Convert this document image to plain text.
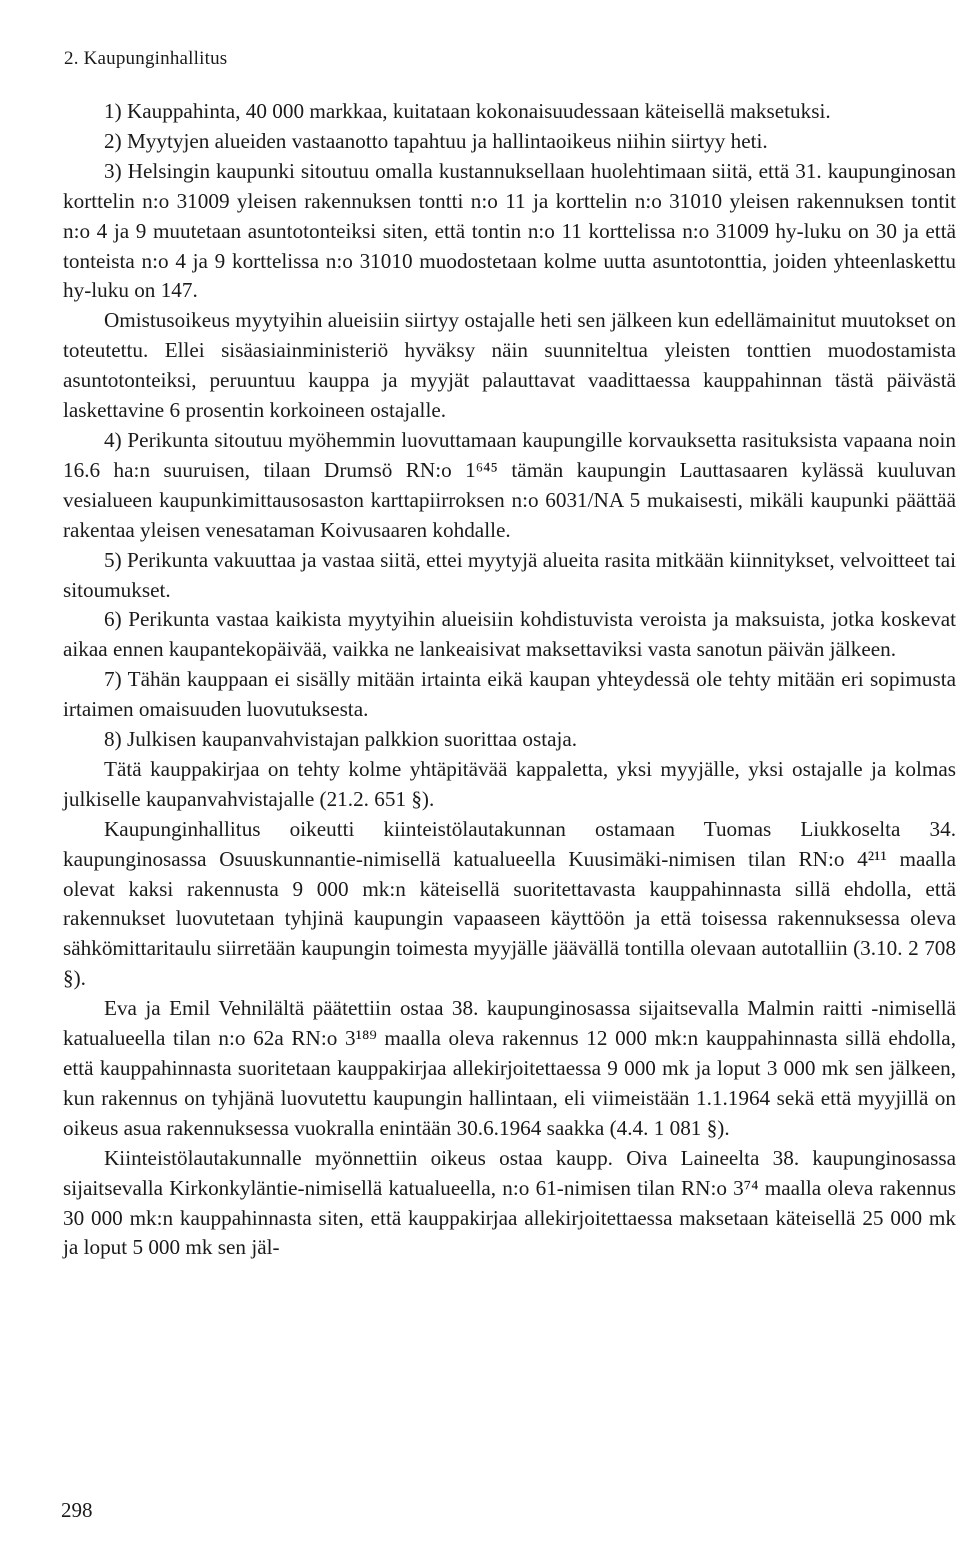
2. Kaupunginhallitus

1) Kauppahinta, 40 000 markkaa, kuitataan kokonaisuudessaan käteisellä maksetuksi.

2) Myytyjen alueiden vastaanotto tapahtuu ja hallintaoikeus niihin siirtyy heti.

3) Helsingin kaupunki sitoutuu omalla kustannuksellaan huolehtimaan siitä, että 31. kaupunginosan korttelin n:o 31009 yleisen rakennuksen tontti n:o 11 ja korttelin n:o 31010 yleisen rakennuksen tontit n:o 4 ja 9 muutetaan asuntotonteiksi siten, että tontin n:o 11 korttelissa n:o 31009 hy-luku on 30 ja että tonteista n:o 4 ja 9 korttelissa n:o 31010 muodostetaan kolme uutta asuntotonttia, joiden yhteenlaskettu hy-luku on 147.

Omistusoikeus myytyihin alueisiin siirtyy ostajalle heti sen jälkeen kun edellämainitut muutokset on toteutettu. Ellei sisäasiainministeriö hyväksy näin suunniteltua yleisten tonttien muodostamista asuntotonteiksi, peruuntuu kauppa ja myyjät palauttavat vaadittaessa kauppahinnan tästä päivästä laskettavine 6 prosentin korkoineen ostajalle.

4) Perikunta sitoutuu myöhemmin luovuttamaan kaupungille korvauksetta rasituksista vapaana noin 16.6 ha:n suuruisen, tilaan Drumsö RN:o 1⁶⁴⁵ tämän kaupungin Lauttasaaren kylässä kuuluvan vesialueen kaupunkimittausosaston karttapiirroksen n:o 6031/NA 5 mukaisesti, mikäli kaupunki päättää rakentaa yleisen venesataman Koivusaaren kohdalle.

5) Perikunta vakuuttaa ja vastaa siitä, ettei myytyjä alueita rasita mitkään kiinnitykset, velvoitteet tai sitoumukset.

6) Perikunta vastaa kaikista myytyihin alueisiin kohdistuvista veroista ja maksuista, jotka koskevat aikaa ennen kaupantekopäivää, vaikka ne lankeaisivat maksettaviksi vasta sanotun päivän jälkeen.

7) Tähän kauppaan ei sisälly mitään irtainta eikä kaupan yhteydessä ole tehty mitään eri sopimusta irtaimen omaisuuden luovutuksesta.

8) Julkisen kaupanvahvistajan palkkion suorittaa ostaja.

Tätä kauppakirjaa on tehty kolme yhtäpitävää kappaletta, yksi myyjälle, yksi ostajalle ja kolmas julkiselle kaupanvahvistajalle (21.2. 651 §).

Kaupunginhallitus oikeutti kiinteistölautakunnan ostamaan Tuomas Liukkoselta 34. kaupunginosassa Osuuskunnantie-nimisellä katualueella Kuusimäki-nimisen tilan RN:o 4²¹¹ maalla olevat kaksi rakennusta 9 000 mk:n käteisellä suoritettavasta kauppahinnasta sillä ehdolla, että rakennukset luovutetaan tyhjinä kaupungin vapaaseen käyttöön ja että toisessa rakennuksessa oleva sähkömittaritaulu siirretään kaupungin toimesta myyjälle jäävällä tontilla olevaan autotalliin (3.10. 2 708 §).

Eva ja Emil Vehnilältä päätettiin ostaa 38. kaupunginosassa sijaitsevalla Malmin raitti -nimisellä katualueella tilan n:o 62a RN:o 3¹⁸⁹ maalla oleva rakennus 12 000 mk:n kauppahinnasta sillä ehdolla, että kauppahinnasta suoritetaan kauppakirjaa allekirjoitettaessa 9 000 mk ja loput 3 000 mk sen jälkeen, kun rakennus on tyhjänä luovutettu kaupungin hallintaan, eli viimeistään 1.1.1964 sekä että myyjillä on oikeus asua rakennuksessa vuokralla enintään 30.6.1964 saakka (4.4. 1 081 §).

Kiinteistölautakunnalle myönnettiin oikeus ostaa kaupp. Oiva Laineelta 38. kaupunginosassa sijaitsevalla Kirkonkyläntie-nimisellä katualueella, n:o 61-nimisen tilan RN:o 3⁷⁴ maalla oleva rakennus 30 000 mk:n kauppahinnasta siten, että kauppakirjaa allekirjoitettaessa maksetaan käteisellä 25 000 mk ja loput 5 000 mk sen jäl-

298
